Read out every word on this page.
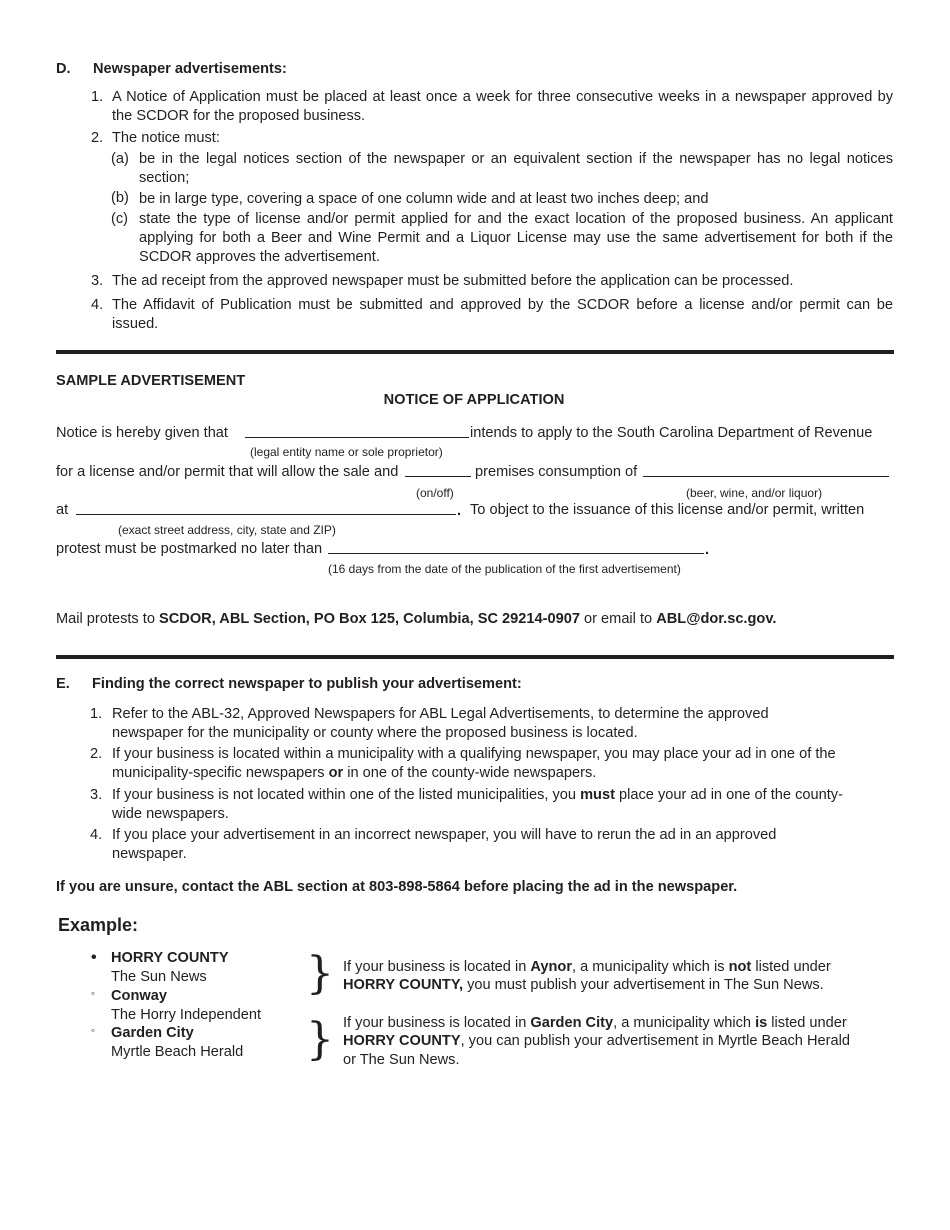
D. Newspaper advertisements:
1. A Notice of Application must be placed at least once a week for three consecutive weeks in a newspaper approved by the SCDOR for the proposed business.
2. The notice must:
(a) be in the legal notices section of the newspaper or an equivalent section if the newspaper has no legal notices section;
(b) be in large type, covering a space of one column wide and at least two inches deep; and
(c) state the type of license and/or permit applied for and the exact location of the proposed business. An applicant applying for both a Beer and Wine Permit and a Liquor License may use the same advertisement for both if the SCDOR approves the advertisement.
3. The ad receipt from the approved newspaper must be submitted before the application can be processed.
4. The Affidavit of Publication must be submitted and approved by the SCDOR before a license and/or permit can be issued.
SAMPLE ADVERTISEMENT
NOTICE OF APPLICATION
Notice is hereby given that	intends to apply to the South Carolina Department of Revenue
(legal entity name or sole proprietor)
for a license and/or permit that will allow the sale and	premises consumption of
(on/off)	(beer, wine, and/or liquor)
at	. To object to the issuance of this license and/or permit, written
(exact street address, city, state and ZIP)
protest must be postmarked no later than	.
(16 days from the date of the publication of the first advertisement)
Mail protests to SCDOR, ABL Section, PO Box 125, Columbia, SC 29214-0907 or email to ABL@dor.sc.gov.
E. Finding the correct newspaper to publish your advertisement:
1. Refer to the ABL-32, Approved Newspapers for ABL Legal Advertisements, to determine the approved
newspaper for the municipality or county where the proposed business is located.
2. If your business is located within a municipality with a qualifying newspaper, you may place your ad in one of the
municipality-specific newspapers or in one of the county-wide newspapers.
3. If your business is not located within one of the listed municipalities, you must place your ad in one of the county-
wide newspapers.
4. If you place your advertisement in an incorrect newspaper, you will have to rerun the ad in an approved
newspaper.
If you are unsure, contact the ABL section at 803-898-5864 before placing the ad in the newspaper.
Example:
• HORRY COUNTY
The Sun News
◦ Conway
The Horry Independent
◦ Garden City
Myrtle Beach Herald
}
}
If your business is located in Aynor, a municipality which is not listed under
HORRY COUNTY, you must publish your advertisement in The Sun News.
If your business is located in Garden City, a municipality which is listed under
HORRY COUNTY, you can publish your advertisement in Myrtle Beach Herald
or The Sun News.
